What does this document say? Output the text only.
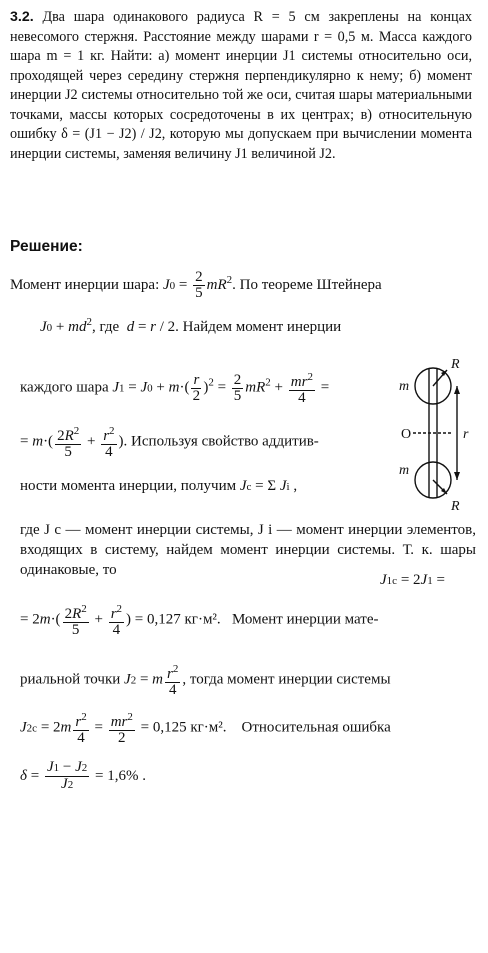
3.2. Два шара одинакового радиуса R = 5 см закреплены на концах невесомого стержня. Расстояние между шарами r = 0,5 м. Масса каждого шара m = 1 кг. Найти: а) момент инерции J1 системы относительно оси, проходящей через середину стержня перпендикулярно к нему; б) момент инерции J2 системы относительно той же оси, считая шары материальными точками, массы которых сосредоточены в их центрах; в) относительную ошибку δ = (J1 − J2) / J2, которую мы допускаем при вычислении момента инерции системы, заменяя величину J1 величиной J2.
Решение:
Момент инерции шара: $J0 = \frac{2}{5} mR^2$. По теореме Штейнера
$J0 + md^2$, где d = r / 2. Найдем момент инерции
каждого шара $J1 = J0 + m\cdot( \frac{r}{2} )^2 = \frac{2}{5} mR^2 + \frac{mr^2}{4}$ =
= $m\cdot( \frac{2R^2}{5} + \frac{r^2}{4}$ ). Используя свойство аддитив-
ности момента инерции, получим Jc = Σ Ji ,
где J c — момент инерции системы, J i — момент инерции элементов, входящих в систему, найдем момент инерции системы. Т. к. шары одинаковые, то
J1c = 2J1 =
= $2m\cdot( \frac{2R^2}{5} + \frac{r^2}{4}$ ) = 0,127 кг·м². Момент инерции мате-
риальной точки J2 = m $\frac{r^2}{4}$ , тогда момент инерции системы
$J2c = 2m \frac{r^2}{4} = \frac{mr^2}{2} = 0,125$ кг·м². Относительная ошибка
$\delta = \frac{J1 - J2}{J2} = 1,6\%$ .
R
R
m
m
r
O
